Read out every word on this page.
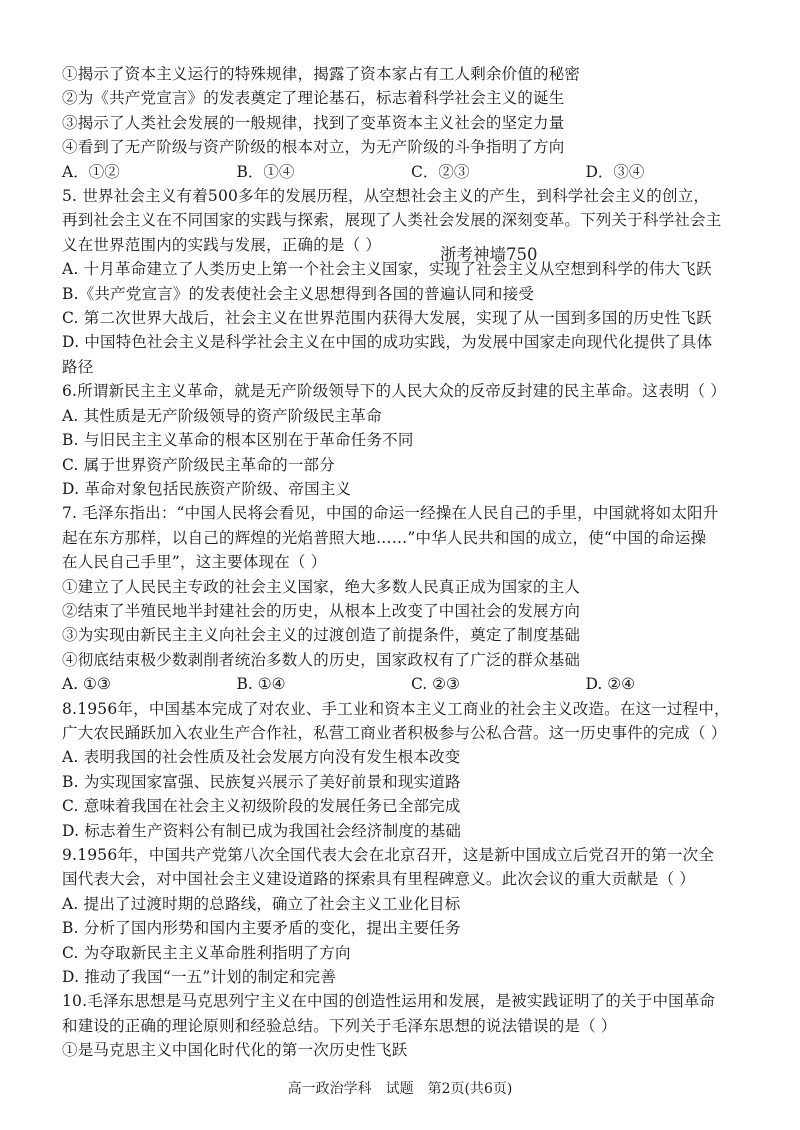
①揭示了资本主义运行的特殊规律，揭露了资本家占有工人剩余价值的秘密
②为《共产党宣言》的发表奠定了理论基石，标志着科学社会主义的诞生
③揭示了人类社会发展的一般规律，找到了变革资本主义社会的坚定力量
④看到了无产阶级与资产阶级的根本对立，为无产阶级的斗争指明了方向
A．①②	B．①④	C．②③	D．③④
5. 世界社会主义有着500多年的发展历程，从空想社会主义的产生，到科学社会主义的创立，
再到社会主义在不同国家的实践与探索，展现了人类社会发展的深刻变革。下列关于科学社会主
义在世界范围内的实践与发展，正确的是（ ）
A. 十月革命建立了人类历史上第一个社会主义国家，实现了社会主义从空想到科学的伟大飞跃
B.《共产党宣言》的发表使社会主义思想得到各国的普遍认同和接受
C. 第二次世界大战后，社会主义在世界范围内获得大发展，实现了从一国到多国的历史性飞跃
D. 中国特色社会主义是科学社会主义在中国的成功实践，为发展中国家走向现代化提供了具体
路径
6.所谓新民主主义革命，就是无产阶级领导下的人民大众的反帝反封建的民主革命。这表明（ ）
A. 其性质是无产阶级领导的资产阶级民主革命
B. 与旧民主主义革命的根本区别在于革命任务不同
C. 属于世界资产阶级民主革命的一部分
D. 革命对象包括民族资产阶级、帝国主义
7. 毛泽东指出：“中国人民将会看见，中国的命运一经操在人民自己的手里，中国就将如太阳升
起在东方那样，以自己的辉煌的光焰普照大地……”中华人民共和国的成立，使“中国的命运操
在人民自己手里”，这主要体现在（ ）
①建立了人民民主专政的社会主义国家，绝大多数人民真正成为国家的主人
②结束了半殖民地半封建社会的历史，从根本上改变了中国社会的发展方向
③为实现由新民主主义向社会主义的过渡创造了前提条件，奠定了制度基础
④彻底结束极少数剥削者统治多数人的历史，国家政权有了广泛的群众基础
A. ①③	B. ①④	C. ②③	D. ②④
8.1956年，中国基本完成了对农业、手工业和资本主义工商业的社会主义改造。在这一过程中，
广大农民踊跃加入农业生产合作社，私营工商业者积极参与公私合营。这一历史事件的完成（ ）
A. 表明我国的社会性质及社会发展方向没有发生根本改变
B. 为实现国家富强、民族复兴展示了美好前景和现实道路
C. 意味着我国在社会主义初级阶段的发展任务已全部完成
D. 标志着生产资料公有制已成为我国社会经济制度的基础
9.1956年，中国共产党第八次全国代表大会在北京召开，这是新中国成立后党召开的第一次全
国代表大会，对中国社会主义建设道路的探索具有里程碑意义。此次会议的重大贡献是（ ）
A. 提出了过渡时期的总路线，确立了社会主义工业化目标
B. 分析了国内形势和国内主要矛盾的变化，提出主要任务
C. 为夺取新民主主义革命胜利指明了方向
D. 推动了我国“一五”计划的制定和完善
10.毛泽东思想是马克思列宁主义在中国的创造性运用和发展，是被实践证明了的关于中国革命
和建设的正确的理论原则和经验总结。下列关于毛泽东思想的说法错误的是（ ）
①是马克思主义中国化时代化的第一次历史性飞跃
浙考神墙750
高一政治学科　试题　第2页(共6页)
